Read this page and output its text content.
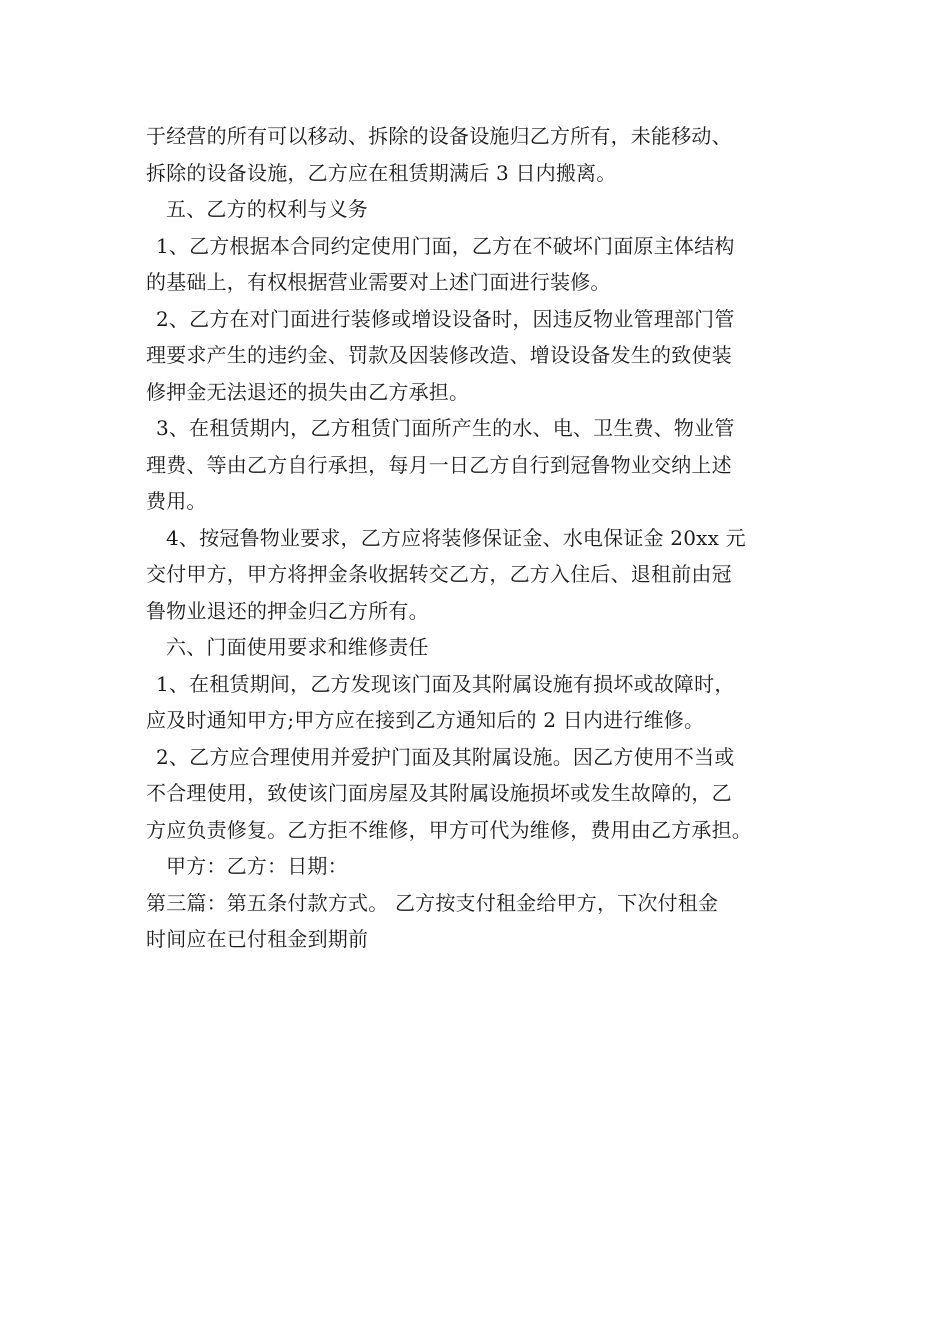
于经营的所有可以移动、拆除的设备设施归乙方所有，未能移动、
拆除的设备设施，乙方应在租赁期满后 3 日内搬离。
五、乙方的权利与义务
1、乙方根据本合同约定使用门面，乙方在不破坏门面原主体结构
的基础上，有权根据营业需要对上述门面进行装修。
2、乙方在对门面进行装修或增设设备时，因违反物业管理部门管
理要求产生的违约金、罚款及因装修改造、增设设备发生的致使装
修押金无法退还的损失由乙方承担。
3、在租赁期内，乙方租赁门面所产生的水、电、卫生费、物业管
理费、等由乙方自行承担，每月一日乙方自行到冠鲁物业交纳上述
费用。
4、按冠鲁物业要求，乙方应将装修保证金、水电保证金 20xx 元
交付甲方，甲方将押金条收据转交乙方，乙方入住后、退租前由冠
鲁物业退还的押金归乙方所有。
六、门面使用要求和维修责任
1、在租赁期间，乙方发现该门面及其附属设施有损坏或故障时，
应及时通知甲方;甲方应在接到乙方通知后的 2 日内进行维修。
2、乙方应合理使用并爱护门面及其附属设施。因乙方使用不当或
不合理使用，致使该门面房屋及其附属设施损坏或发生故障的，乙
方应负责修复。乙方拒不维修，甲方可代为维修，费用由乙方承担。
甲方：乙方：日期：
第三篇：第五条付款方式。 乙方按支付租金给甲方，下次付租金
时间应在已付租金到期前
